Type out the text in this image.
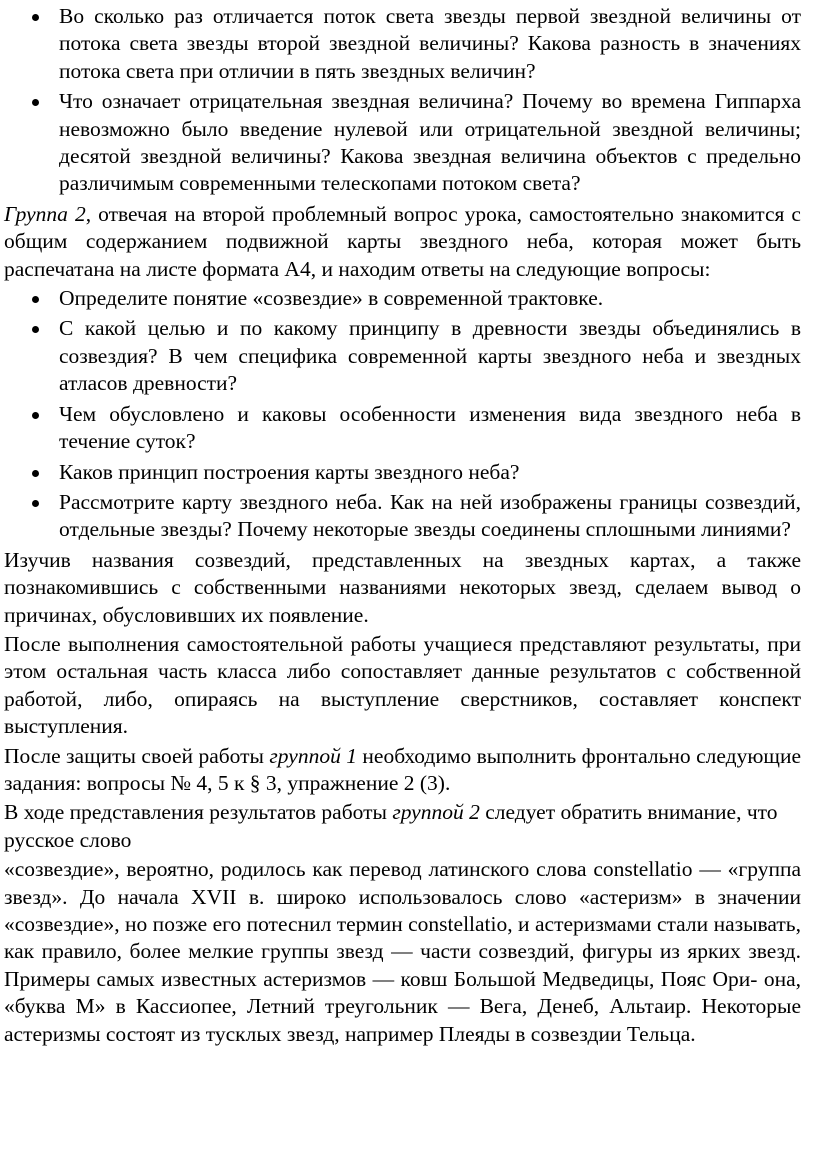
Во сколько раз отличается поток света звезды первой звездной величины от потока света звезды второй звездной величины? Какова разность в значениях потока света при отличии в пять звездных величин?
Что означает отрицательная звездная величина? Почему во времена Гиппарха невозможно было введение нулевой или отрицательной звездной величины; десятой звездной величины? Какова звездная величина объектов с предельно различимым современными телескопами потоком света?

Группа 2, отвечая на второй проблемный вопрос урока, самостоятельно знакомится с общим содержанием подвижной карты звездного неба, которая может быть распечатана на листе формата А4, и находим ответы на следующие вопросы:

Определите понятие «созвездие» в современной трактовке.
С какой целью и по какому принципу в древности звезды объединялись в созвездия? В чем специфика современной карты звездного неба и звездных атласов древности?
Чем обусловлено и каковы особенности изменения вида звездного неба в течение суток?
Каков принцип построения карты звездного неба?
Рассмотрите карту звездного неба. Как на ней изображены границы созвездий, отдельные звезды? Почему некоторые звезды соединены сплошными линиями?

Изучив названия созвездий, представленных на звездных картах, а также познакомившись с собственными названиями некоторых звезд, сделаем вывод о причинах, обусловивших их появление.

После выполнения самостоятельной работы учащиеся представляют результаты, при этом остальная часть класса либо сопоставляет данные результатов с собственной работой, либо, опираясь на выступление сверстников, составляет конспект выступления.

После защиты своей работы группой 1 необходимо выполнить фронтально следующие задания: вопросы № 4, 5 к § 3, упражнение 2 (3).

В ходе представления результатов работы группой 2 следует обратить внимание, что русское слово

«созвездие», вероятно, родилось как перевод латинского слова constellatio — «группа звезд». До начала XVII в. широко использовалось слово «астеризм» в значении «созвездие», но позже его потеснил термин constellatio, и астеризмами стали называть, как правило, более мелкие группы звезд — части созвездий, фигуры из ярких звезд. Примеры самых известных астеризмов — ковш Большой Медведицы, Пояс Ори- она, «буква М» в Кассиопее, Летний треугольник — Вега, Денеб, Альтаир. Некоторые астеризмы состоят из тусклых звезд, например Плеяды в созвездии Тельца.
